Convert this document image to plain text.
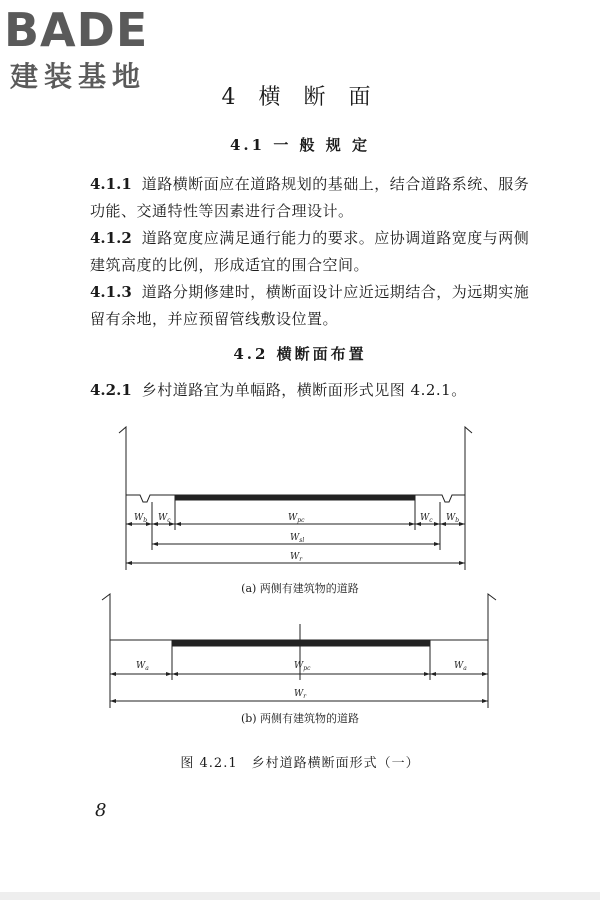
BADE
建装基地
4 横 断 面
4.1 一 般 规 定
4.1.1 道路横断面应在道路规划的基础上，结合道路系统、服务功能、交通特性等因素进行合理设计。
4.1.2 道路宽度应满足通行能力的要求。应协调道路宽度与两侧建筑高度的比例，形成适宜的围合空间。
4.1.3 道路分期修建时，横断面设计应近远期结合，为远期实施留有余地，并应预留管线敷设位置。
4.2 横断面布置
4.2.1 乡村道路宜为单幅路，横断面形式见图 4.2.1。
$W_b$ $W_c$	$W_{pc}$	$W_c$ $W_b$
$W_{sl}$
$W_r$
$W_a$	$W_{pc}$	$W_a$
$W_r$
(a) 两侧有建筑物的道路
(b) 两侧有建筑物的道路
图 4.2.1　乡村道路横断面形式（一）
8
